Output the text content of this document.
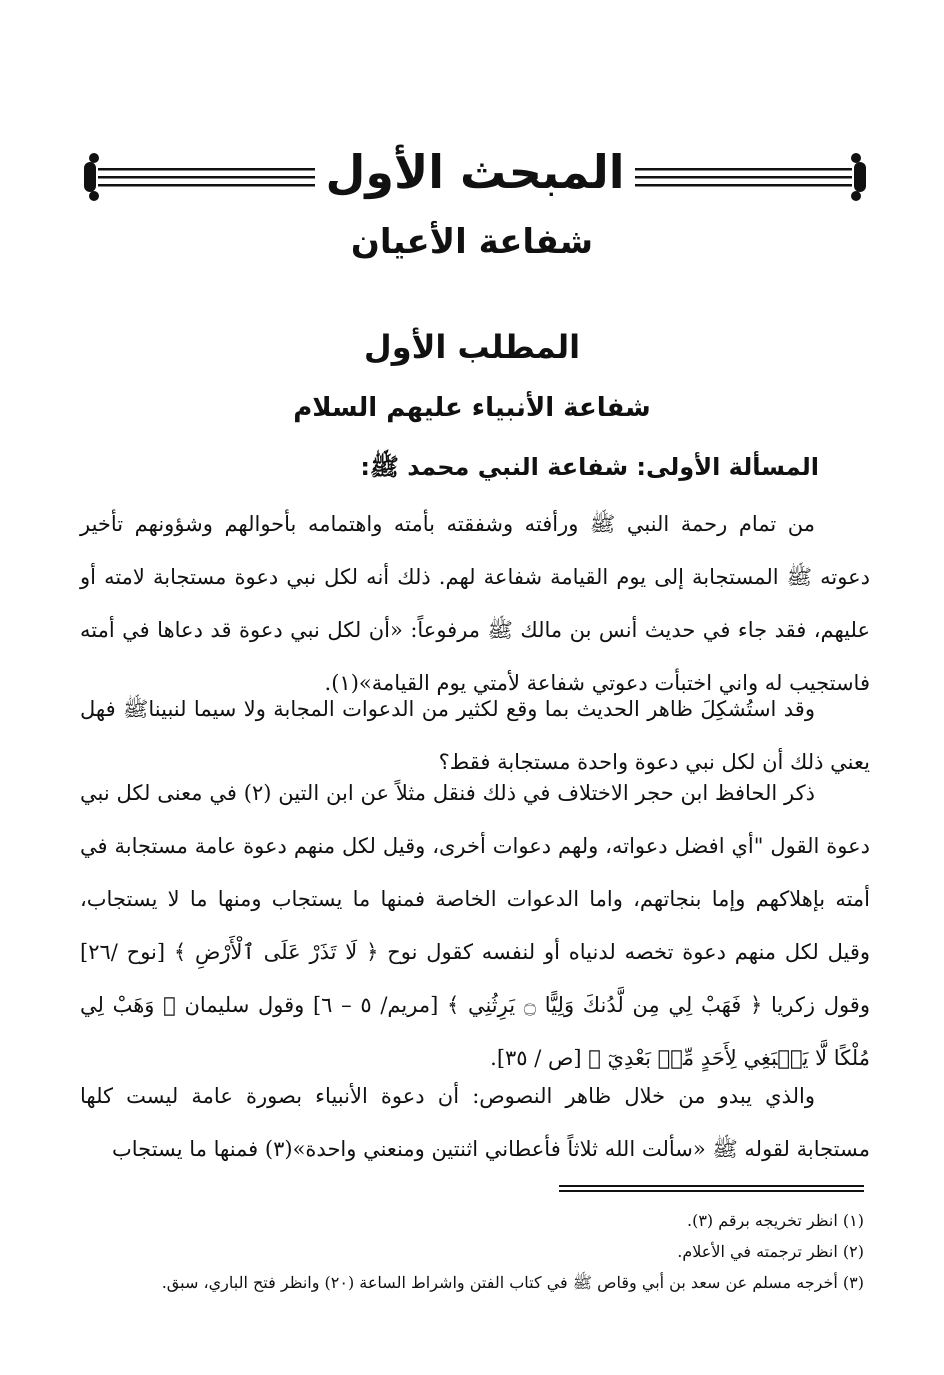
المبحث الأول
شفاعة الأعيان
المطلب الأول
شفاعة الأنبياء عليهم السلام
المسألة الأولى: شفاعة النبي محمد ﷺ:
من تمام رحمة النبي ﷺ ورأفته وشفقته بأمته واهتمامه بأحوالهم وشؤونهم تأخير دعوته ﷺ المستجابة إلى يوم القيامة شفاعة لهم. ذلك أنه لكل نبي دعوة مستجابة لامته أو عليهم، فقد جاء في حديث أنس بن مالك ﷺ مرفوعاً: «أن لكل نبي دعوة قد دعاها في أمته فاستجيب له واني اختبأت دعوتي شفاعة لأمتي يوم القيامة»(١).
وقد استُشكِلَ ظاهر الحديث بما وقع لكثير من الدعوات المجابة ولا سيما لنبيناﷺ فهل يعني ذلك أن لكل نبي دعوة واحدة مستجابة فقط؟
ذكر الحافظ ابن حجر الاختلاف في ذلك فنقل مثلاً عن ابن التين (٢) في معنى لكل نبي دعوة القول "أي افضل دعواته، ولهم دعوات أخرى، وقيل لكل منهم دعوة عامة مستجابة في أمته بإهلاكهم وإما بنجاتهم، واما الدعوات الخاصة فمنها ما يستجاب ومنها ما لا يستجاب، وقيل لكل منهم دعوة تخصه لدنياه أو لنفسه كقول نوح ﴿ لَا تَذَرْ عَلَى ٱلْأَرْضِ ﴾ [نوح /٢٦] وقول زكريا ﴿ فَهَبْ لِي مِن لَّدُنكَ وَلِيًّا ۝ يَرِثُنِي ﴾ [مريم/ ٥ – ٦] وقول سليمان ﴿ وَهَبْ لِي مُلْكًا لَّا يَنۢبَغِي لِأَحَدٍ مِّنۢ بَعْدِيٓ ﴾ [ص / ٣٥].
والذي يبدو من خلال ظاهر النصوص: أن دعوة الأنبياء بصورة عامة ليست كلها مستجابة لقوله ﷺ «سألت الله ثلاثاً فأعطاني اثنتين ومنعني واحدة»(٣) فمنها ما يستجاب
(١) انظر تخريجه برقم (٣).
(٢) انظر ترجمته في الأعلام.
(٣) أخرجه مسلم عن سعد بن أبي وقاص ﷺ في كتاب الفتن واشراط الساعة (٢٠) وانظر فتح الباري، سبق.
